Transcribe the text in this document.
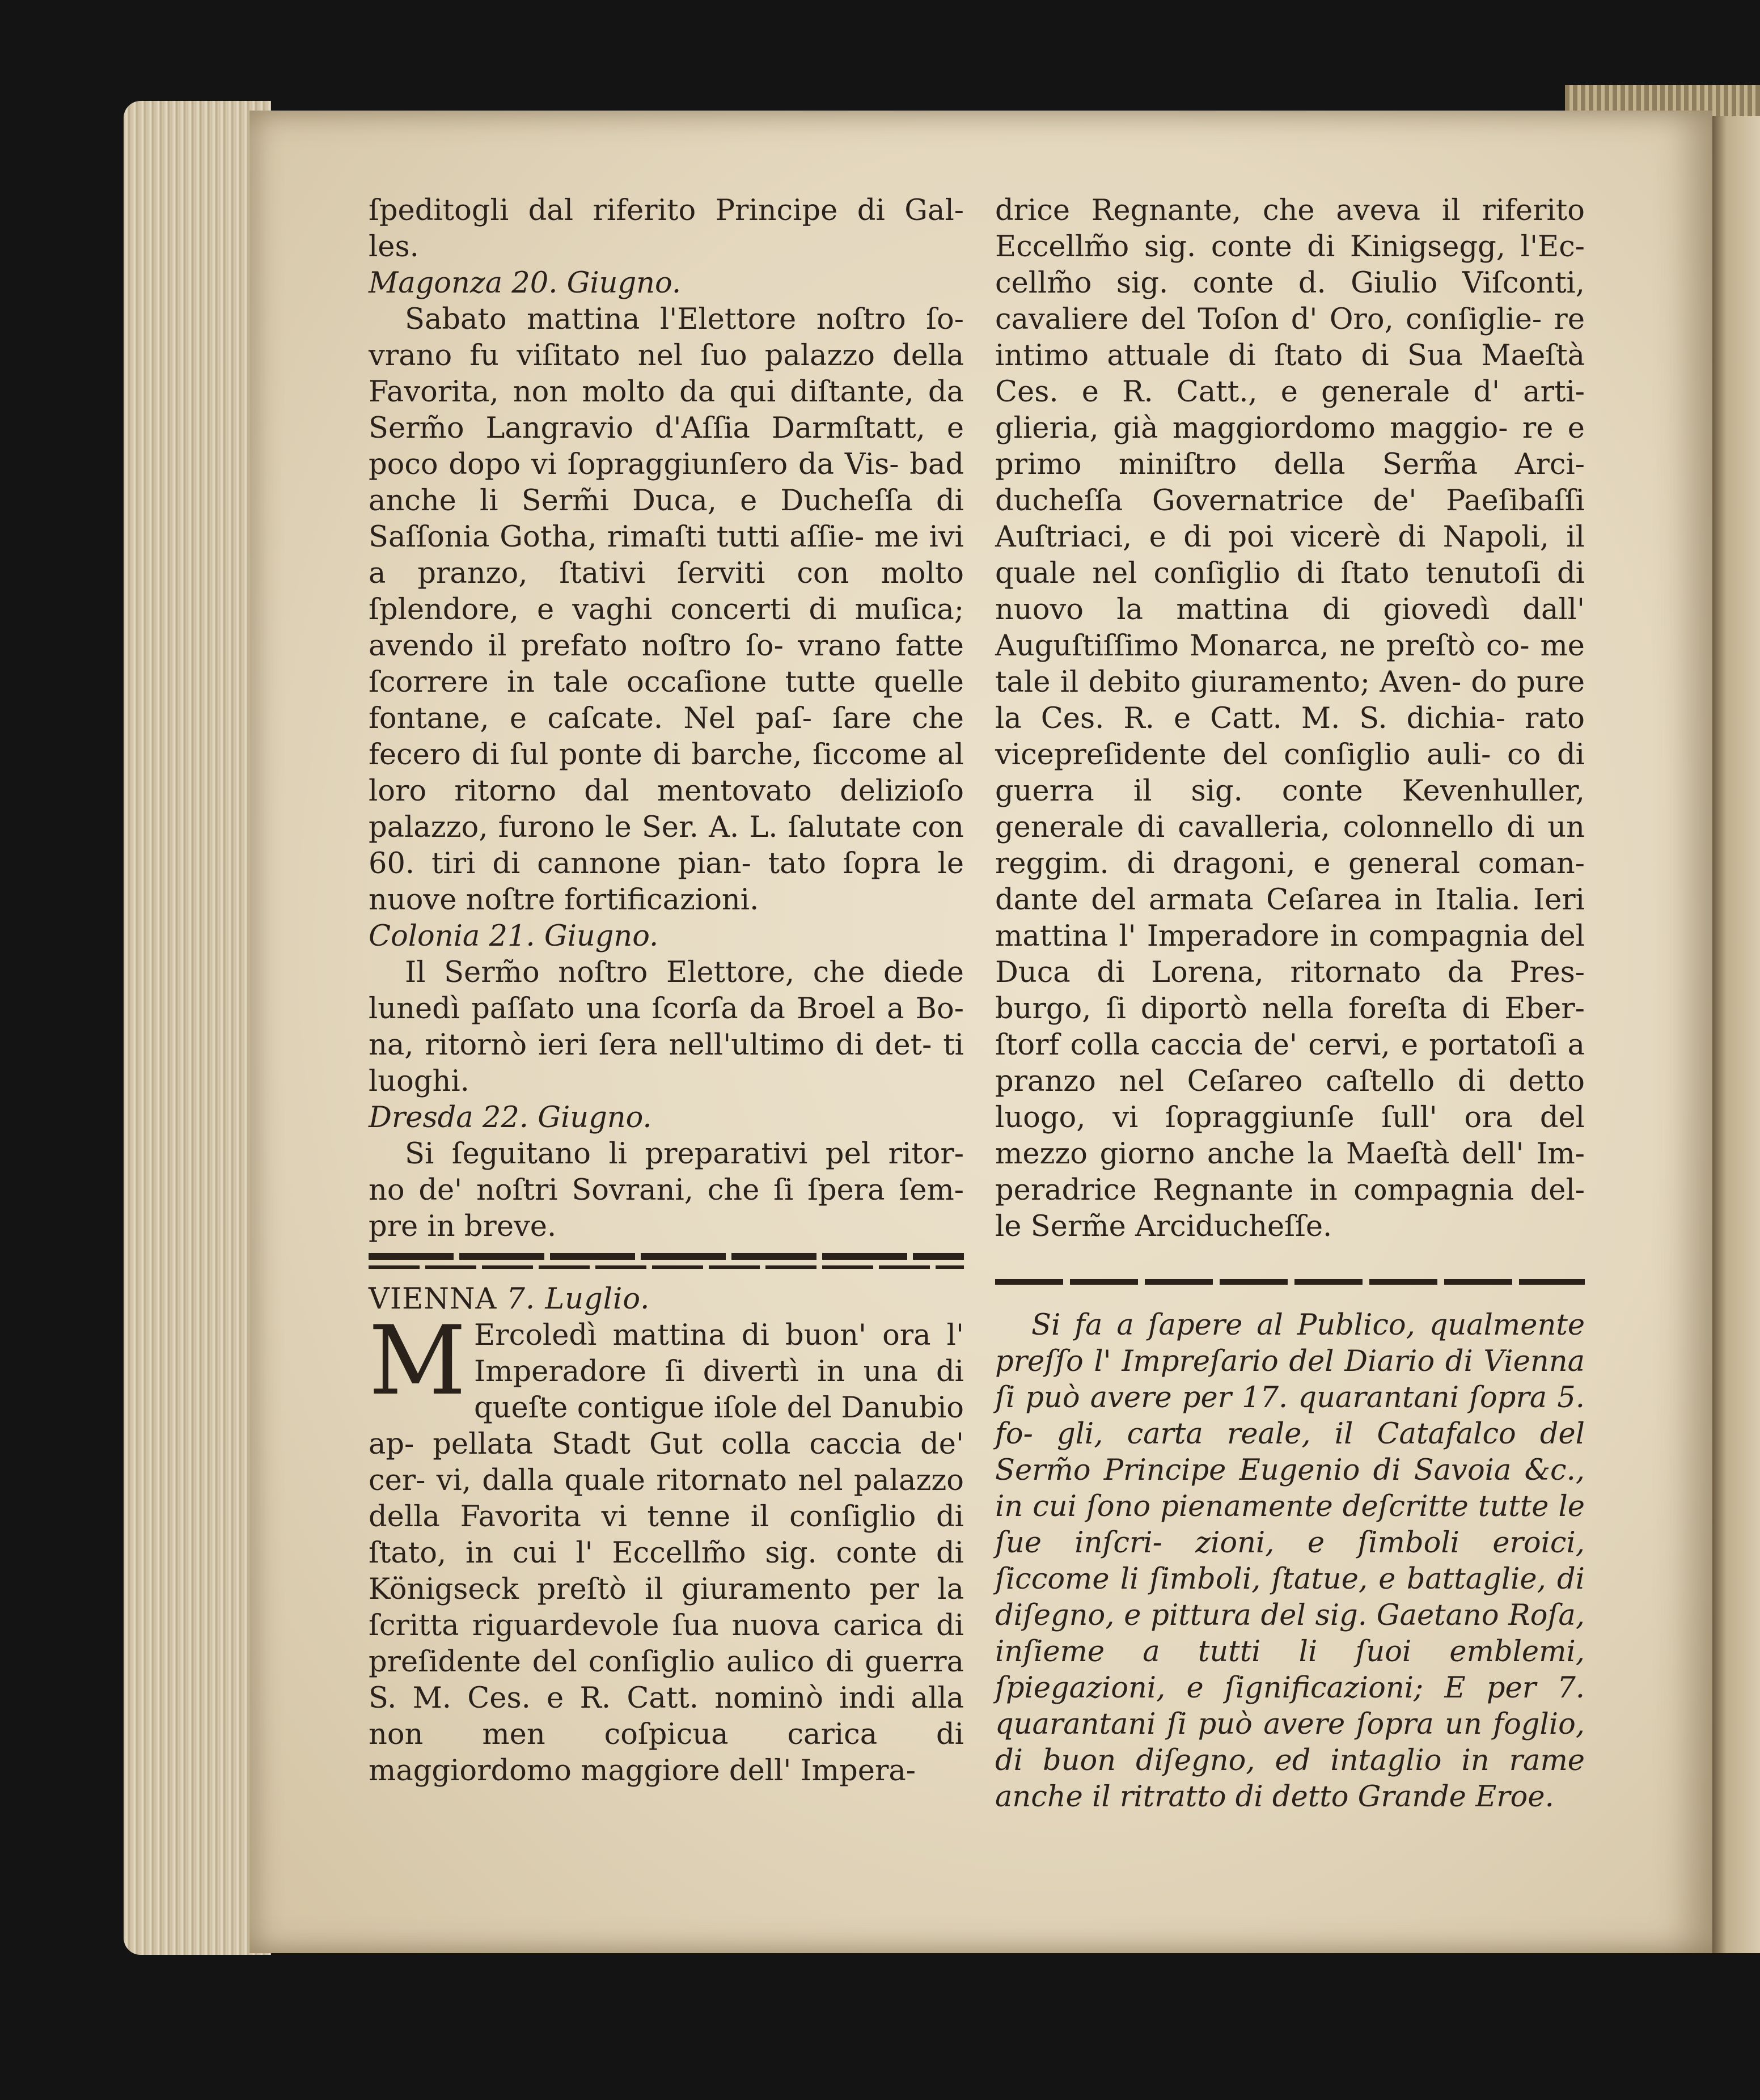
ſpeditogli dal riferito Principe di Gal- les.

Magonza 20. Giugno.

Sabato mattina l'Elettore noſtro ſo- vrano fu viſitato nel ſuo palazzo della Favorita, non molto da qui diſtante, da Serm̃o Langravio d'Aſſia Darmſtatt, e poco dopo vi ſopraggiunſero da Vis- bad anche li Serm̃i Duca, e Ducheſſa di Saſſonia Gotha, rimaſti tutti aſſie- me ivi a pranzo, ſtativi ſerviti con molto ſplendore, e vaghi concerti di muſica; avendo il prefato noſtro ſo- vrano fatte ſcorrere in tale occaſione tutte quelle fontane, e caſcate. Nel paſ- ſare che fecero di ſul ponte di barche, ſiccome al loro ritorno dal mentovato delizioſo palazzo, furono le Ser. A. L. ſalutate con 60. tiri di cannone pian- tato ſopra le nuove noſtre fortificazioni.

Colonia 21. Giugno.

Il Serm̃o noſtro Elettore, che diede lunedì paſſato una ſcorſa da Broel a Bo- na, ritornò ieri ſera nell'ultimo di det- ti luoghi.

Dresda 22. Giugno.

Si ſeguitano li preparativi pel ritor- no de' noſtri Sovrani, che ſi ſpera ſem- pre in breve.

VIENNA 7. Luglio.

M Ercoledì mattina di buon' ora l' Imperadore ſi divertì in una di queſte contigue iſole del Danubio ap- pellata Stadt Gut colla caccia de' cer- vi, dalla quale ritornato nel palazzo della Favorita vi tenne il conſiglio di ſtato, in cui l' Eccellm̃o sig. conte di Königseck preſtò il giuramento per la ſcritta riguardevole ſua nuova carica di preſidente del conſiglio aulico di guerra S. M. Ces. e R. Catt. nominò indi alla non men coſpicua carica di maggiordomo maggiore dell' Impera-

drice Regnante, che aveva il riferito Eccellm̃o sig. conte di Kinigsegg, l'Ec- cellm̃o sig. conte d. Giulio Viſconti, cavaliere del Toſon d' Oro, conſiglie- re intimo attuale di ſtato di Sua Maeſtà Ces. e R. Catt., e generale d' arti- glieria, già maggiordomo maggio- re e primo miniſtro della Serm̃a Arci- ducheſſa Governatrice de' Paeſibaſſi Auſtriaci, e di poi vicerè di Napoli, il quale nel conſiglio di ſtato tenutoſi di nuovo la mattina di giovedì dall' Auguſtiſſimo Monarca, ne preſtò co- me tale il debito giuramento; Aven- do pure la Ces. R. e Catt. M. S. dichia- rato vicepreſidente del conſiglio auli- co di guerra il sig. conte Kevenhuller, generale di cavalleria, colonnello di un reggim. di dragoni, e general coman- dante del armata Ceſarea in Italia. Ieri mattina l' Imperadore in compagnia del Duca di Lorena, ritornato da Pres- burgo, ſi diportò nella foreſta di Eber- ſtorf colla caccia de' cervi, e portatoſi a pranzo nel Ceſareo caſtello di detto luogo, vi ſopraggiunſe ſull' ora del mezzo giorno anche la Maeſtà dell' Im- peradrice Regnante in compagnia del- le Serm̃e Arciducheſſe.

Si fa a ſapere al Publico, qualmente preſſo l' Impreſario del Diario di Vienna ſi può avere per 17. quarantani ſopra 5. fo- gli, carta reale, il Catafalco del Serm̃o Principe Eugenio di Savoia &c., in cui ſono pienamente deſcritte tutte le ſue inſcri- zioni, e ſimboli eroici, ſiccome li ſimboli, ſtatue, e battaglie, di diſegno, e pittura del sig. Gaetano Roſa, inſieme a tutti li ſuoi emblemi, ſpiegazioni, e ſignificazioni; E per 7. quarantani ſi può avere ſopra un foglio, di buon diſegno, ed intaglio in rame anche il ritratto di detto Grande Eroe.
